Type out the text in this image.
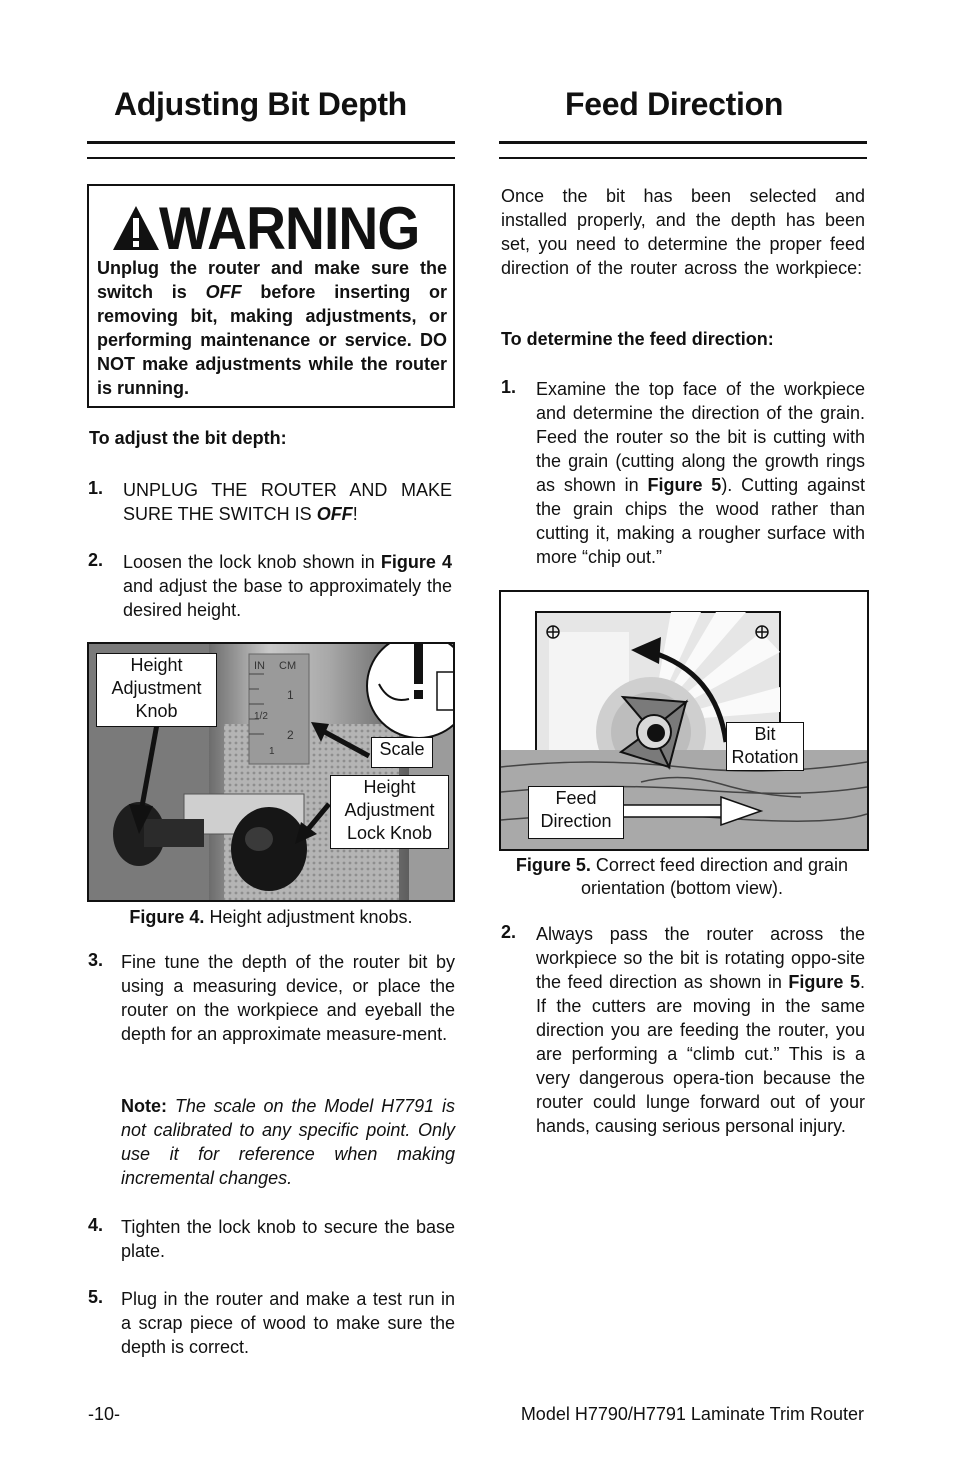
Adjusting Bit Depth
WARNING
Unplug the router and make sure the switch is OFF before inserting or removing bit, making adjustments, or performing maintenance or service. DO NOT make adjustments while the router is running.
To adjust the bit depth:
1. UNPLUG THE ROUTER AND MAKE SURE THE SWITCH IS OFF!
2. Loosen the lock knob shown in Figure 4 and adjust the base to approximately the desired height.
IN CM
1
1/2
2
1
Height Adjustment Knob
Scale
Height Adjustment Lock Knob
Figure 4. Height adjustment knobs.
3. Fine tune the depth of the router bit by using a measuring device, or place the router on the workpiece and eyeball the depth for an approximate measure-ment.
Note: The scale on the Model H7791 is not calibrated to any specific point. Only use it for reference when making incremental changes.
4. Tighten the lock knob to secure the base plate.
5. Plug in the router and make a test run in a scrap piece of wood to make sure the depth is correct.
Feed Direction

Once the bit has been selected and installed properly, and the depth has been set, you need to determine the proper feed direction of the router across the workpiece:

To determine the feed direction:
1. Examine the top face of the workpiece and determine the direction of the grain. Feed the router so the bit is cutting with the grain (cutting along the growth rings as shown in Figure 5). Cutting against the grain chips the wood rather than cutting it, making a rougher surface with more “chip out.”
Bit Rotation
Feed Direction
Figure 5. Correct feed direction and grain orientation (bottom view).
2. Always pass the router across the workpiece so the bit is rotating oppo-site the feed direction as shown in Figure 5. If the cutters are moving in the same direction you are feeding the router, you are performing a “climb cut.” This is a very dangerous opera-tion because the router could lunge forward out of your hands, causing serious personal injury.
-10-	Model H7790/H7791 Laminate Trim Router
